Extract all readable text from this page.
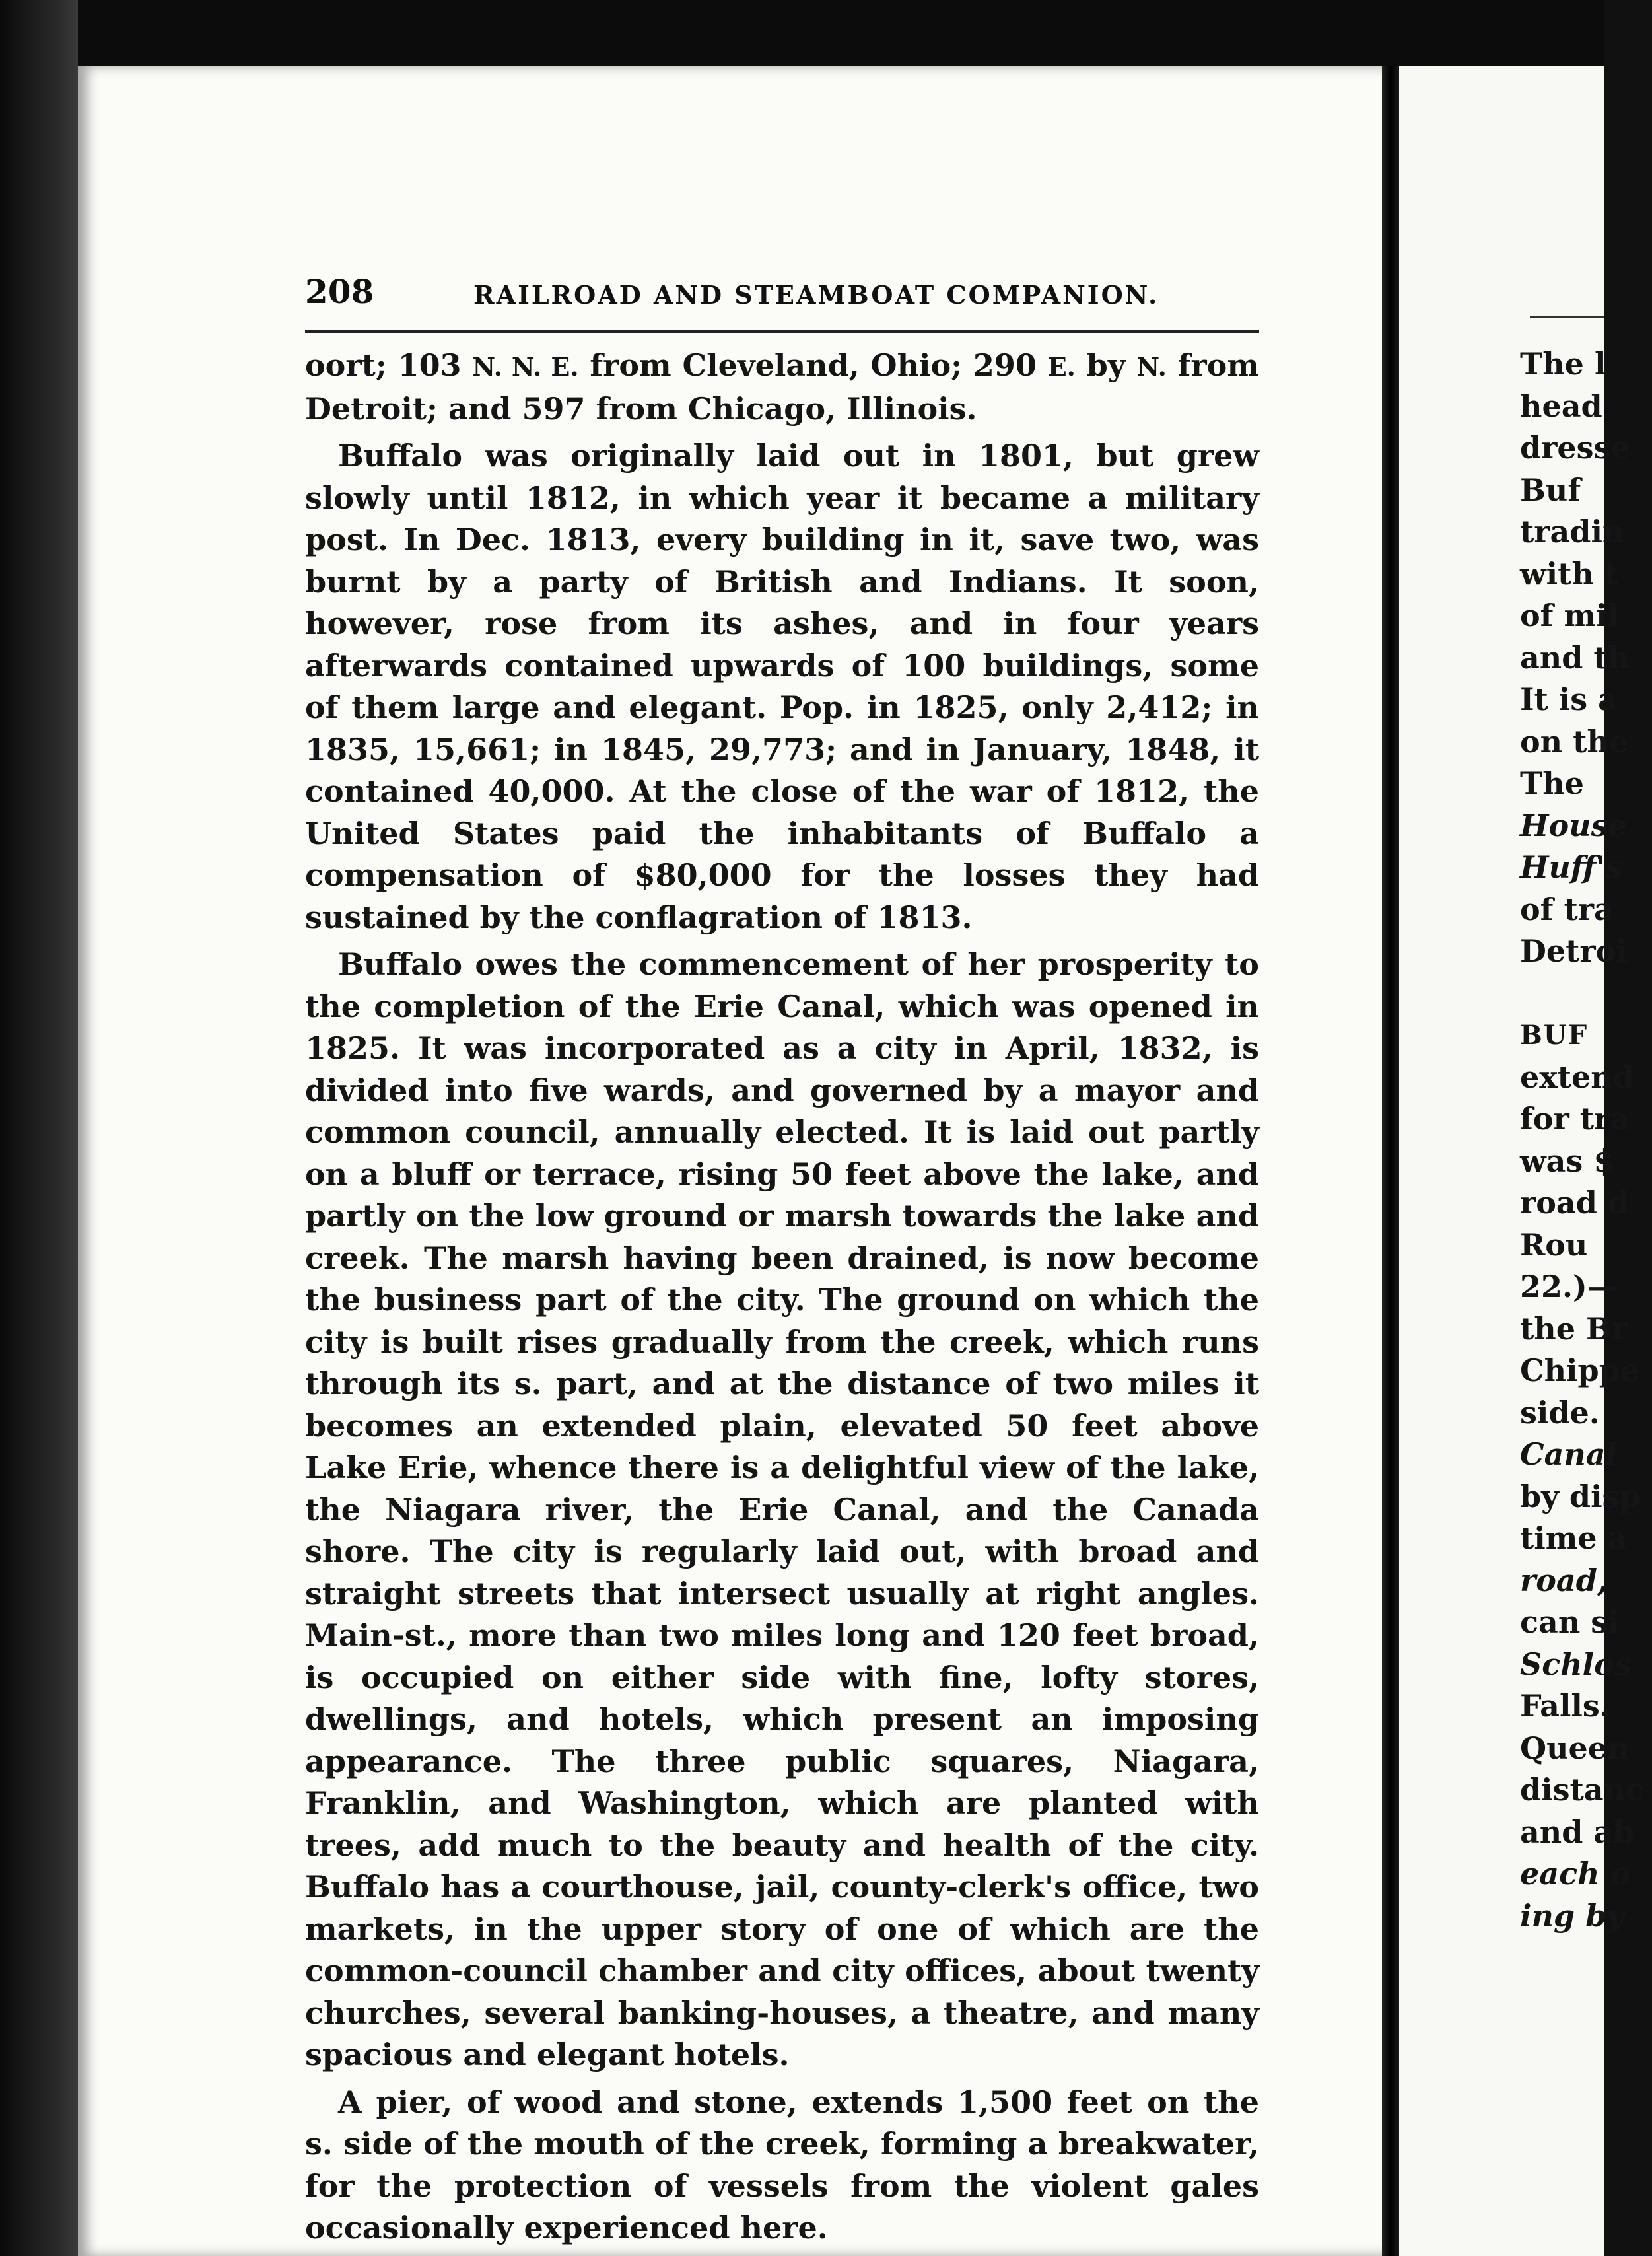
208	RAILROAD AND STEAMBOAT COMPANION.

oort; 103 N. N. E. from Cleveland, Ohio; 290 E. by N. from Detroit; and 597 from Chicago, Illinois.

Buffalo was originally laid out in 1801, but grew slowly until 1812, in which year it became a military post. In Dec. 1813, every building in it, save two, was burnt by a party of British and Indians. It soon, however, rose from its ashes, and in four years afterwards contained upwards of 100 buildings, some of them large and elegant. Pop. in 1825, only 2,412; in 1835, 15,661; in 1845, 29,773; and in January, 1848, it contained 40,000. At the close of the war of 1812, the United States paid the inhabitants of Buffalo a compensation of $80,000 for the losses they had sustained by the conflagration of 1813.

Buffalo owes the commencement of her prosperity to the completion of the Erie Canal, which was opened in 1825. It was incorporated as a city in April, 1832, is divided into five wards, and governed by a mayor and common council, annually elected. It is laid out partly on a bluff or terrace, rising 50 feet above the lake, and partly on the low ground or marsh towards the lake and creek. The marsh having been drained, is now become the business part of the city. The ground on which the city is built rises gradually from the creek, which runs through its s. part, and at the distance of two miles it becomes an extended plain, elevated 50 feet above Lake Erie, whence there is a delightful view of the lake, the Niagara river, the Erie Canal, and the Canada shore. The city is regularly laid out, with broad and straight streets that intersect usually at right angles. Main-st., more than two miles long and 120 feet broad, is occupied on either side with fine, lofty stores, dwellings, and hotels, which present an imposing appearance. The three public squares, Niagara, Franklin, and Washington, which are planted with trees, add much to the beauty and health of the city. Buffalo has a courthouse, jail, county-clerk's office, two markets, in the upper story of one of which are the common-council chamber and city offices, about twenty churches, several banking-houses, a theatre, and many spacious and elegant hotels.

A pier, of wood and stone, extends 1,500 feet on the s. side of the mouth of the creek, forming a breakwater, for the protection of vessels from the violent gales occasionally experienced here.

The l
head
dresse
Buf
tradin
with t
of mil
and th
It is a
on the
The
House
Huff's
of tra
Detroi
BUF
extend
for tra
was $
road d
Rou
22.)—
the Br
Chippe
side.
Canal
by disp
time a
road,
can si
Schlos
Falls.
Queen
distanc
and ab
each o
ing by
